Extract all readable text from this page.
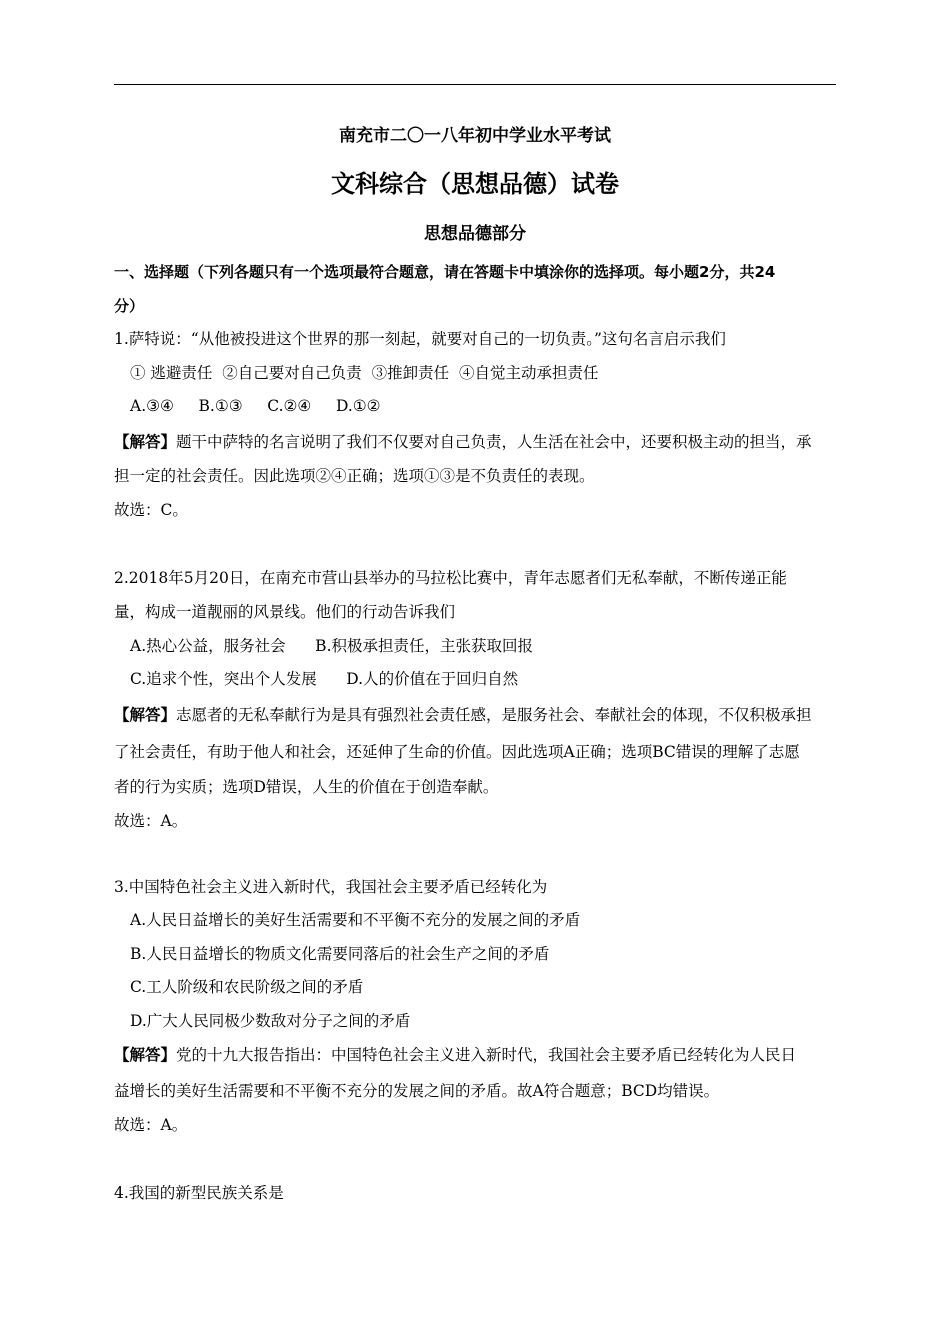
南充市二〇一八年初中学业水平考试
文科综合（思想品德）试卷
思想品德部分
一、选择题（下列各题只有一个选项最符合题意，请在答题卡中填涂你的选择项。每小题2分，共24
分）
1.萨特说：“从他被投进这个世界的那一刻起，就要对自己的一切负责。”这句名言启示我们
① 逃避责任  ②自己要对自己负责  ③推卸责任  ④自觉主动承担责任
A.③④     B.①③     C.②④     D.①②
【解答】题干中萨特的名言说明了我们不仅要对自己负责，人生活在社会中，还要积极主动的担当，承
担一定的社会责任。因此选项②④正确；选项①③是不负责任的表现。
故选：C。
2.2018年5月20日，在南充市营山县举办的马拉松比赛中，青年志愿者们无私奉献，不断传递正能
量，构成一道靓丽的风景线。他们的行动告诉我们
A.热心公益，服务社会      B.积极承担责任，主张获取回报
C.追求个性，突出个人发展      D.人的价值在于回归自然
【解答】志愿者的无私奉献行为是具有强烈社会责任感，是服务社会、奉献社会的体现，不仅积极承担
了社会责任，有助于他人和社会，还延伸了生命的价值。因此选项A正确；选项BC错误的理解了志愿
者的行为实质；选项D错误，人生的价值在于创造奉献。
故选：A。
3.中国特色社会主义进入新时代，我国社会主要矛盾已经转化为
A.人民日益增长的美好生活需要和不平衡不充分的发展之间的矛盾
B.人民日益增长的物质文化需要同落后的社会生产之间的矛盾
C.工人阶级和农民阶级之间的矛盾
D.广大人民同极少数敌对分子之间的矛盾
【解答】党的十九大报告指出：中国特色社会主义进入新时代，我国社会主要矛盾已经转化为人民日
益增长的美好生活需要和不平衡不充分的发展之间的矛盾。故A符合题意；BCD均错误。
故选：A。
4.我国的新型民族关系是
